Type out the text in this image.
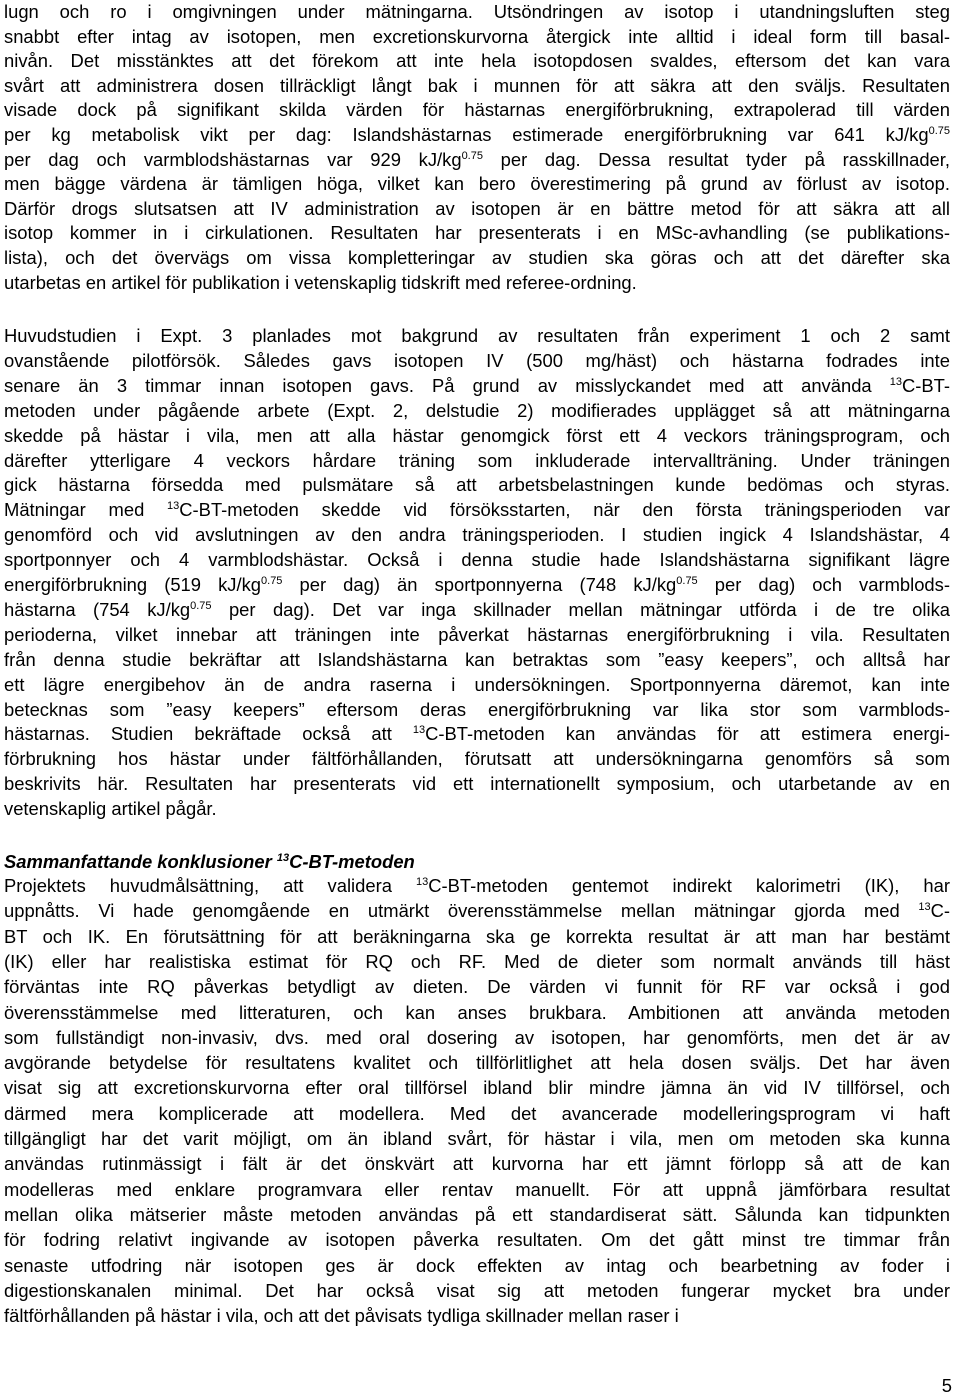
lugn och ro i omgivningen under mätningarna. Utsöndringen av isotop i utandningsluften steg

snabbt efter intag av isotopen, men excretionskurvorna återgick inte alltid i ideal form till basal-

nivån. Det misstänktes att det förekom att inte hela isotopdosen svaldes, eftersom det kan vara

svårt att administrera dosen tillräckligt långt bak i munnen för att säkra att den sväljs. Resultaten

visade dock på signifikant skilda värden för hästarnas energiförbrukning, extrapolerad till värden

per kg metabolisk vikt per dag: Islandshästarnas estimerade energiförbrukning var 641 $kJ/kg^{0.75}$

per dag och varmblodshästarnas var 929 $kJ/kg^{0.75}$ per dag. Dessa resultat tyder på rasskillnader,

men bägge värdena är tämligen höga, vilket kan bero överestimering på grund av förlust av isotop.

Därför drogs slutsatsen att IV administration av isotopen är en bättre metod för att säkra att all

isotop kommer in i cirkulationen. Resultaten har presenterats i en MSc-avhandling (se publikations-

lista), och det övervägs om vissa kompletteringar av studien ska göras och att det därefter ska

utarbetas en artikel för publikation i vetenskaplig tidskrift med referee-ordning.

Huvudstudien i Expt. 3 planlades mot bakgrund av resultaten från experiment 1 och 2 samt

ovanstående pilotförsök. Således gavs isotopen IV (500 mg/häst) och hästarna fodrades inte

senare än 3 timmar innan isotopen gavs. På grund av misslyckandet med att använda $^{13}$C-BT-

metoden under pågående arbete (Expt. 2, delstudie 2) modifierades upplägget så att mätningarna

skedde på hästar i vila, men att alla hästar genomgick först ett 4 veckors träningsprogram, och

därefter ytterligare 4 veckors hårdare träning som inkluderade intervallträning. Under träningen

gick hästarna försedda med pulsmätare så att arbetsbelastningen kunde bedömas och styras.

Mätningar med $^{13}$C-BT-metoden skedde vid försöksstarten, när den första träningsperioden var

genomförd och vid avslutningen av den andra träningsperioden. I studien ingick 4 Islandshästar, 4

sportponnyer och 4 varmblodshästar. Också i denna studie hade Islandshästarna signifikant lägre

energiförbrukning (519 $kJ/kg^{0.75}$ per dag) än sportponnyerna (748 $kJ/kg^{0.75}$ per dag) och varmblods-

hästarna (754 $kJ/kg^{0.75}$ per dag). Det var inga skillnader mellan mätningar utförda i de tre olika

perioderna, vilket innebar att träningen inte påverkat hästarnas energiförbrukning i vila. Resultaten

från denna studie bekräftar att Islandshästarna kan betraktas som ”easy keepers”, och alltså har

ett lägre energibehov än de andra raserna i undersökningen. Sportponnyerna däremot, kan inte

betecknas som ”easy keepers” eftersom deras energiförbrukning var lika stor som varmblods-

hästarnas. Studien bekräftade också att $^{13}$C-BT-metoden kan användas för att estimera energi-

förbrukning hos hästar under fältförhållanden, förutsatt att undersökningarna genomförs så som

beskrivits här. Resultaten har presenterats vid ett internationellt symposium, och utarbetande av en

vetenskaplig artikel pågår.

Sammanfattande konklusioner $^{13}$C-BT-metoden

Projektets huvudmålsättning, att validera $^{13}$C-BT-metoden gentemot indirekt kalorimetri (IK), har

uppnåtts. Vi hade genomgående en utmärkt överensstämmelse mellan mätningar gjorda med $^{13}$C-

BT och IK. En förutsättning för att beräkningarna ska ge korrekta resultat är att man har bestämt

(IK) eller har realistiska estimat för RQ och RF. Med de dieter som normalt används till häst

förväntas inte RQ påverkas betydligt av dieten. De värden vi funnit för RF var också i god

överensstämmelse med litteraturen, och kan anses brukbara. Ambitionen att använda metoden

som fullständigt non-invasiv, dvs. med oral dosering av isotopen, har genomförts, men det är av

avgörande betydelse för resultatens kvalitet och tillförlitlighet att hela dosen sväljs. Det har även

visat sig att excretionskurvorna efter oral tillförsel ibland blir mindre jämna än vid IV tillförsel, och

därmed mera komplicerade att modellera. Med det avancerade modelleringsprogram vi haft

tillgängligt har det varit möjligt, om än ibland svårt, för hästar i vila, men om metoden ska kunna

användas rutinmässigt i fält är det önskvärt att kurvorna har ett jämnt förlopp så att de kan

modelleras med enklare programvara eller rentav manuellt. För att uppnå jämförbara resultat

mellan olika mätserier måste metoden användas på ett standardiserat sätt. Sålunda kan tidpunkten

för fodring relativt ingivande av isotopen påverka resultaten. Om det gått minst tre timmar från

senaste utfodring när isotopen ges är dock effekten av intag och bearbetning av foder i

digestionskanalen minimal. Det har också visat sig att metoden fungerar mycket bra under

fältförhållanden på hästar i vila, och att det påvisats tydliga skillnader mellan raser i

5
